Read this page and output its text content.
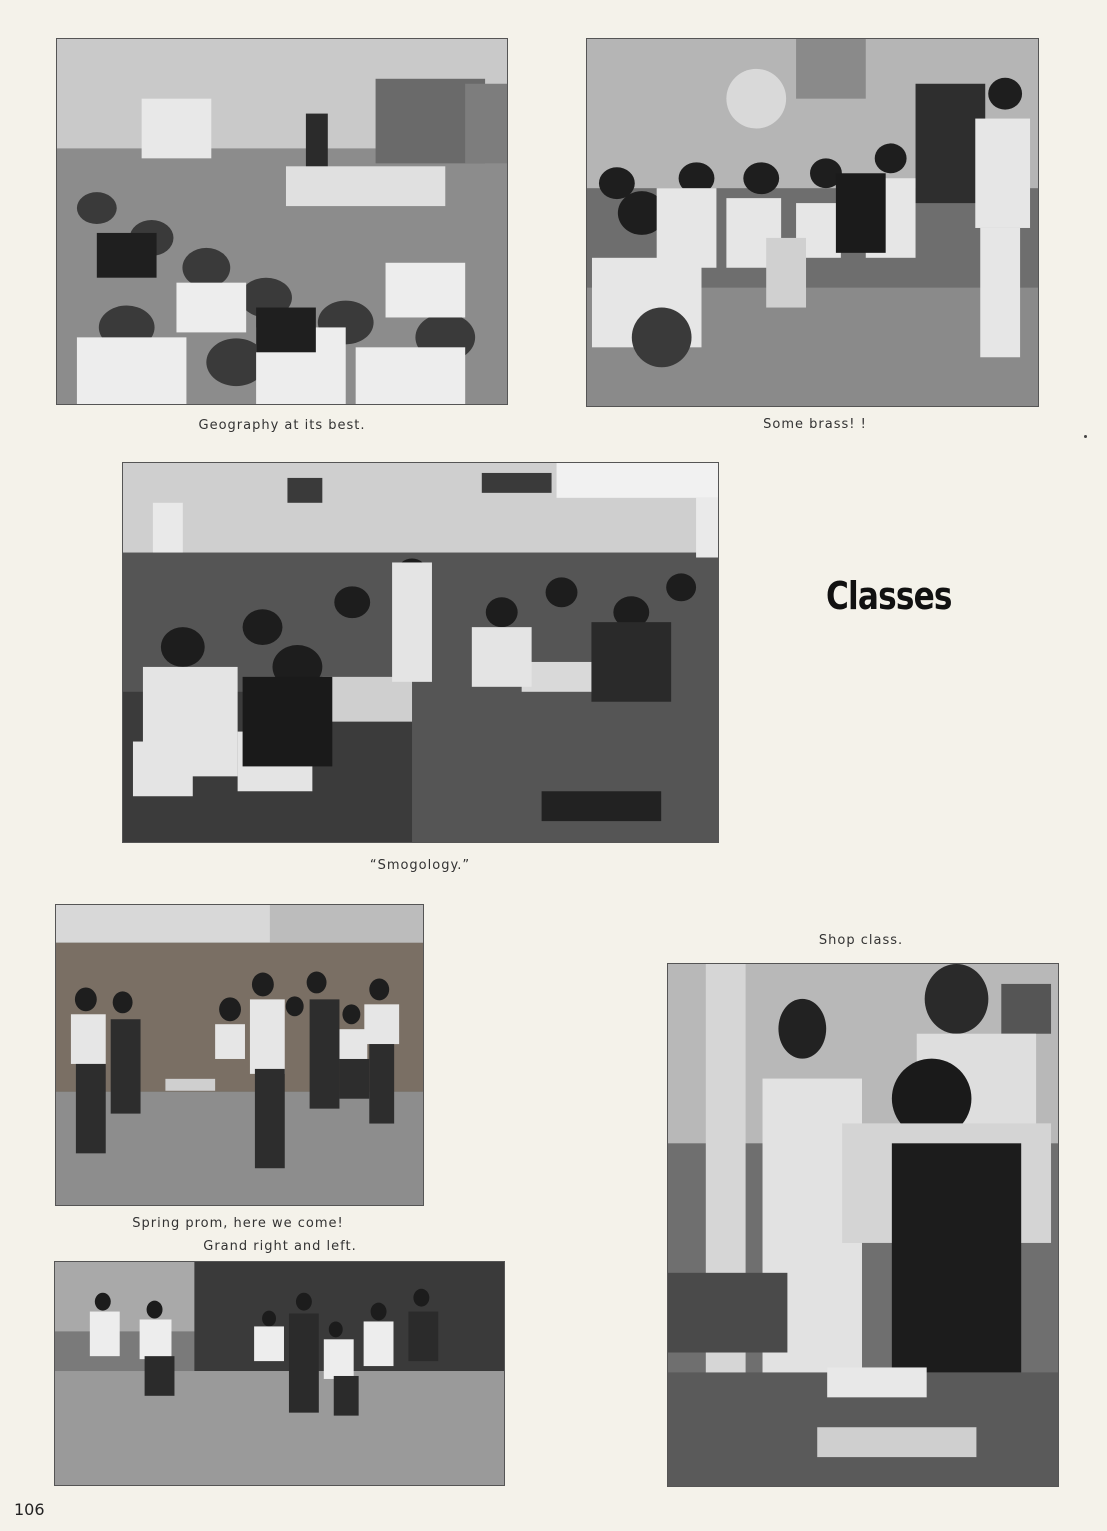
Geography at its best.	Some brass! !
“Smogology.”
Classes
Spring prom, here we come!
Grand right and left.
Shop class.
106
